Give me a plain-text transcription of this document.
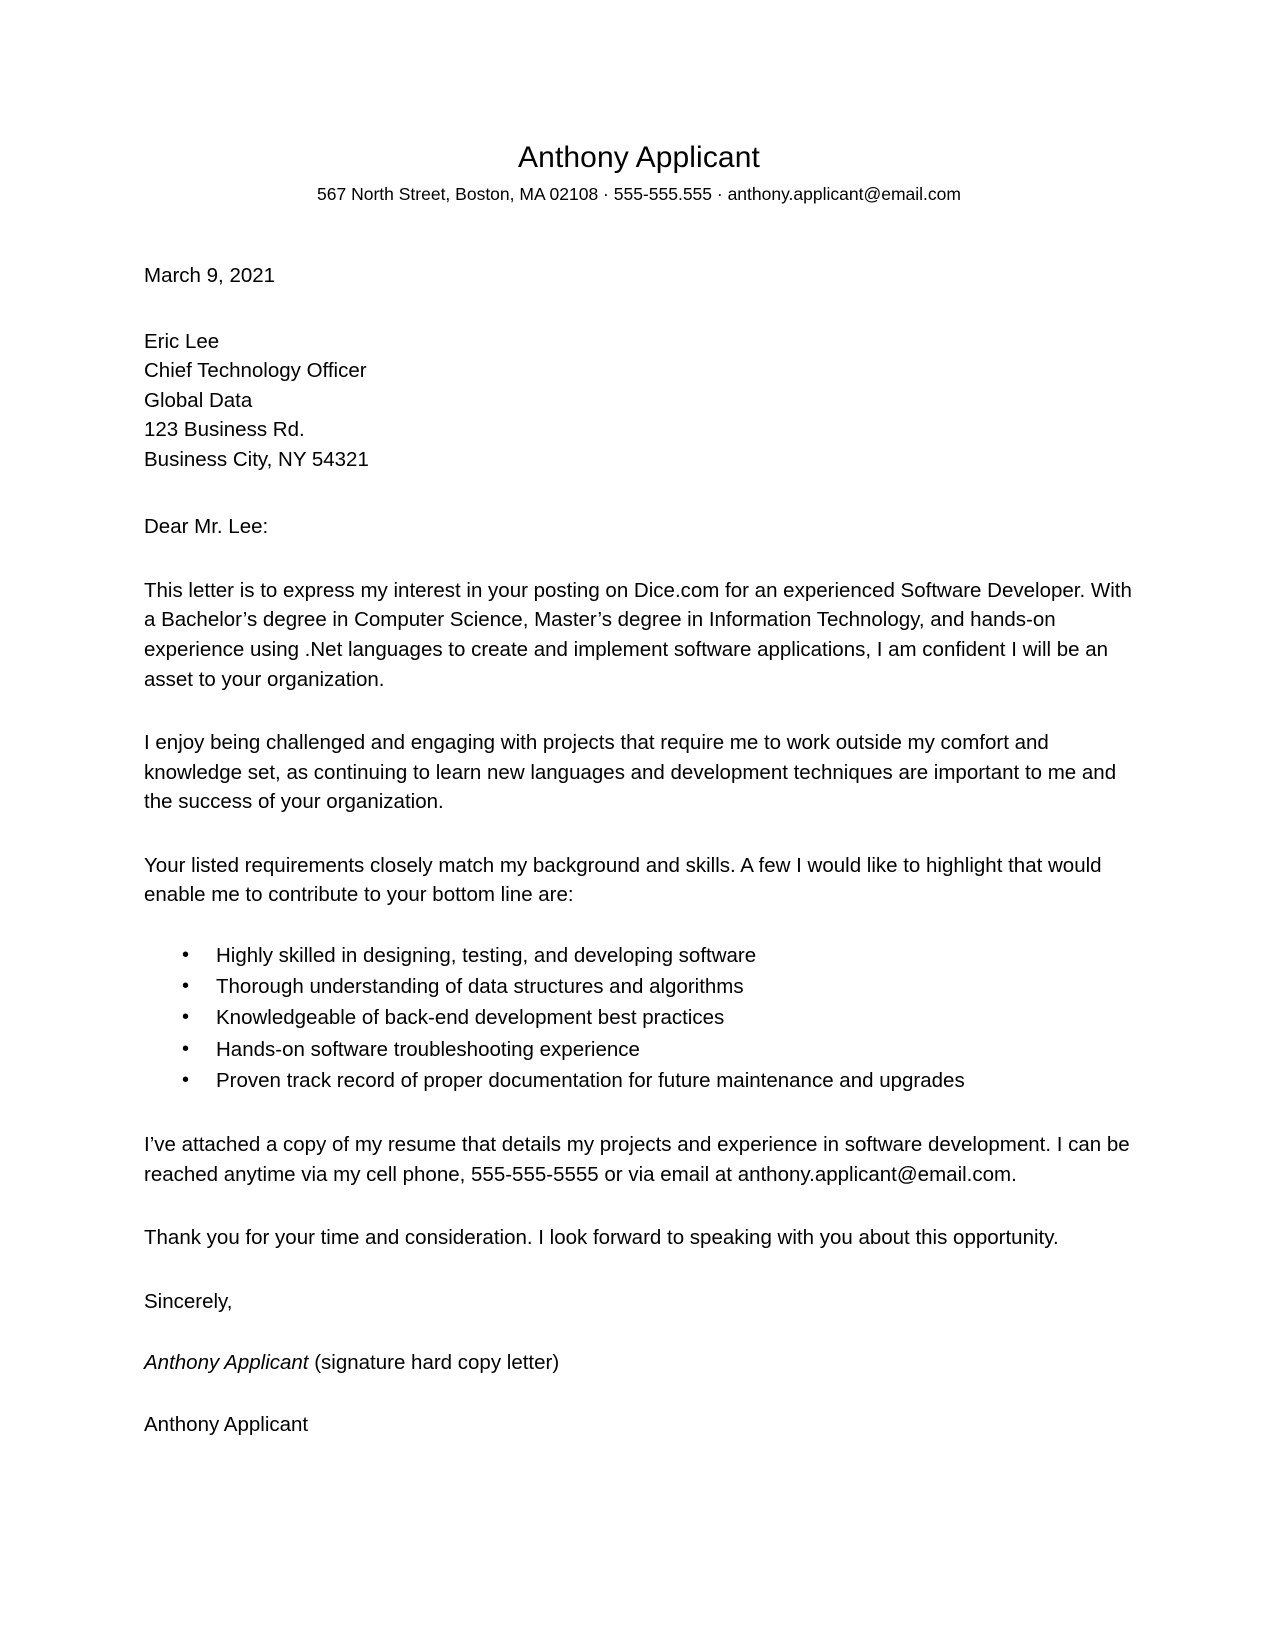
Anthony Applicant

567 North Street, Boston, MA 02108 · 555-555.555 · anthony.applicant@email.com

March 9, 2021
Eric Lee
Chief Technology Officer
Global Data
123 Business Rd.
Business City, NY 54321
Dear Mr. Lee:

This letter is to express my interest in your posting on Dice.com for an experienced Software Developer. With a Bachelor’s degree in Computer Science, Master’s degree in Information Technology, and hands-on experience using .Net languages to create and implement software applications, I am confident I will be an asset to your organization.

I enjoy being challenged and engaging with projects that require me to work outside my comfort and knowledge set, as continuing to learn new languages and development techniques are important to me and the success of your organization.

Your listed requirements closely match my background and skills. A few I would like to highlight that would enable me to contribute to your bottom line are:

• Highly skilled in designing, testing, and developing software
• Thorough understanding of data structures and algorithms
• Knowledgeable of back-end development best practices
• Hands-on software troubleshooting experience
• Proven track record of proper documentation for future maintenance and upgrades

I’ve attached a copy of my resume that details my projects and experience in software development. I can be reached anytime via my cell phone, 555-555-5555 or via email at anthony.applicant@email.com.

Thank you for your time and consideration. I look forward to speaking with you about this opportunity.

Sincerely,
Anthony Applicant (signature hard copy letter)
Anthony Applicant
